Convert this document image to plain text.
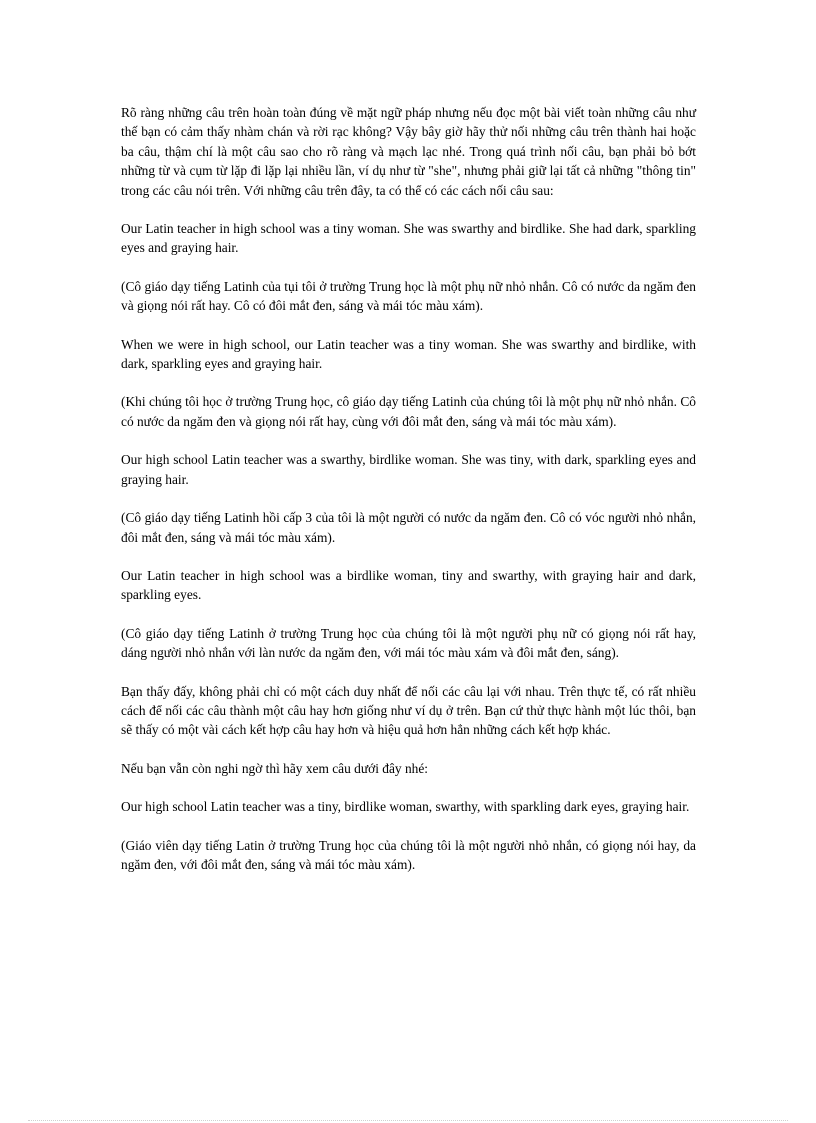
Rõ ràng những câu trên hoàn toàn đúng về mặt ngữ pháp nhưng nếu đọc một bài viết toàn những câu như thế bạn có cảm thấy nhàm chán và rời rạc không? Vậy bây giờ hãy thử nối những câu trên thành hai hoặc ba câu, thậm chí là một câu sao cho rõ ràng và mạch lạc nhé. Trong quá trình nối câu, bạn phải bỏ bớt những từ và cụm từ lặp đi lặp lại nhiều lần, ví dụ như từ "she", nhưng phải giữ lại tất cả những "thông tin" trong các câu nói trên. Với những câu trên đây, ta có thể có các cách nối câu sau:

Our Latin teacher in high school was a tiny woman. She was swarthy and birdlike. She had dark, sparkling eyes and graying hair.

(Cô giáo dạy tiếng Latinh của tụi tôi ở trường Trung học là một phụ nữ nhỏ nhắn. Cô có nước da ngăm đen và giọng nói rất hay. Cô có đôi mắt đen, sáng và mái tóc màu xám).

When we were in high school, our Latin teacher was a tiny woman. She was swarthy and birdlike, with dark, sparkling eyes and graying hair.

(Khi chúng tôi học ở trường Trung học, cô giáo dạy tiếng Latinh của chúng tôi là một phụ nữ nhỏ nhắn. Cô có nước da ngăm đen và giọng nói rất hay, cùng với đôi mắt đen, sáng và mái tóc màu xám).

Our high school Latin teacher was a swarthy, birdlike woman. She was tiny, with dark, sparkling eyes and graying hair.

(Cô giáo dạy tiếng Latinh hồi cấp 3 của tôi là một người có nước da ngăm đen. Cô có vóc người nhỏ nhắn, đôi mắt đen, sáng và mái tóc màu xám).

Our Latin teacher in high school was a birdlike woman, tiny and swarthy, with graying hair and dark, sparkling eyes.

(Cô giáo dạy tiếng Latinh ở trường Trung học của chúng tôi là một người phụ nữ có giọng nói rất hay, dáng người nhỏ nhắn với làn nước da ngăm đen, với mái tóc màu xám và đôi mắt đen, sáng).

Bạn thấy đấy, không phải chỉ có một cách duy nhất để nối các câu lại với nhau. Trên thực tế, có rất nhiều cách để nối các câu thành một câu hay hơn giống như ví dụ ở trên. Bạn cứ thử thực hành một lúc thôi, bạn sẽ thấy có một vài cách kết hợp câu hay hơn và hiệu quả hơn hẳn những cách kết hợp khác.

Nếu bạn vẫn còn nghi ngờ thì hãy xem câu dưới đây nhé:

Our high school Latin teacher was a tiny, birdlike woman, swarthy, with sparkling dark eyes, graying hair.

(Giáo viên dạy tiếng Latin ở trường Trung học của chúng tôi là một người nhỏ nhắn, có giọng nói hay, da ngăm đen, với đôi mắt đen, sáng và mái tóc màu xám).
